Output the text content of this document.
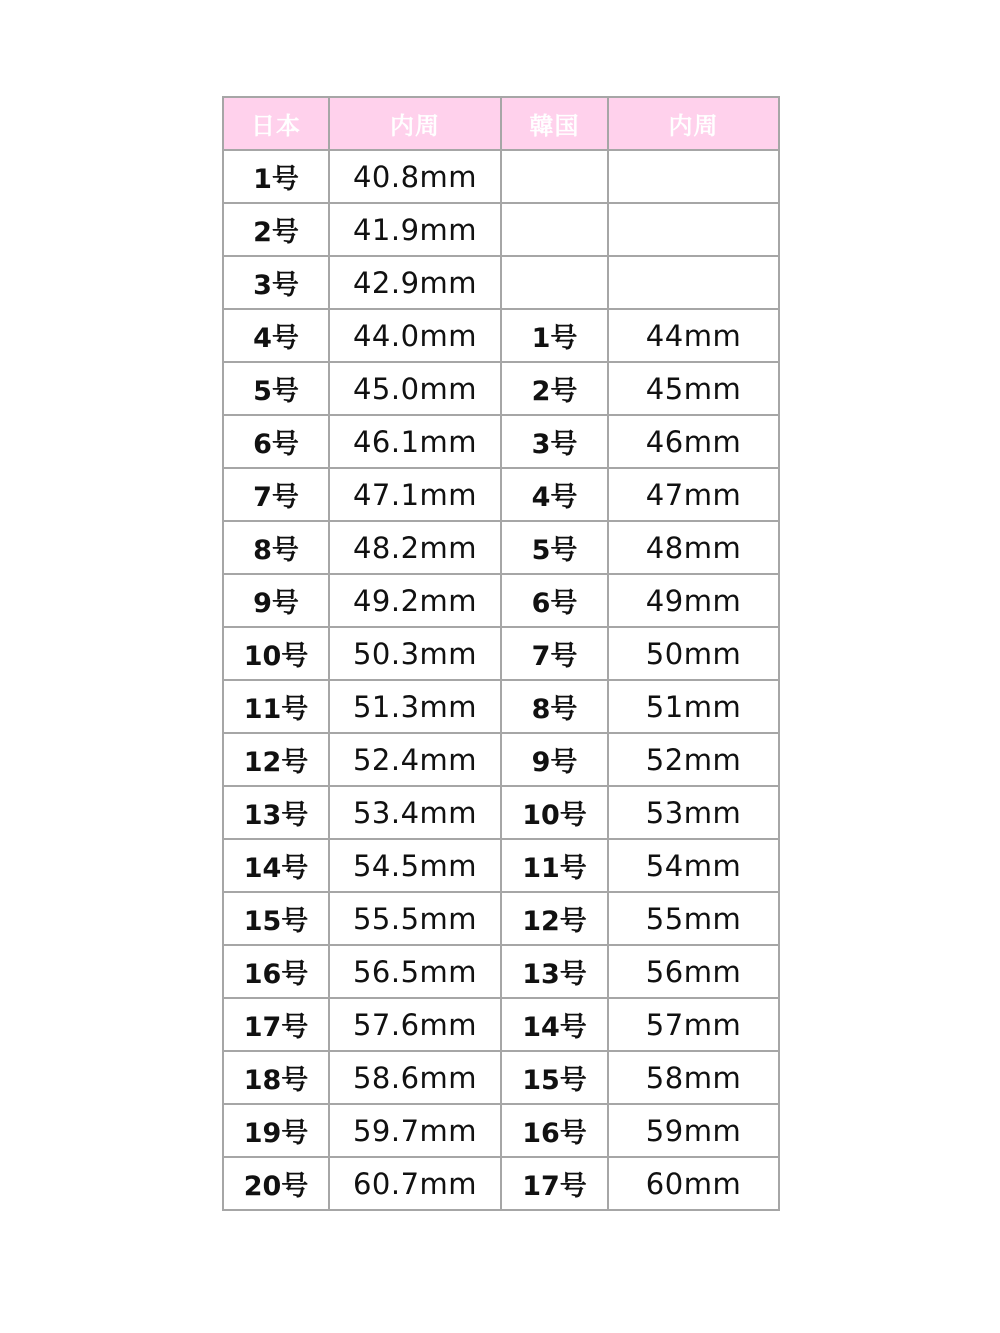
日本	内周	韓国	内周
1号	40.8mm		
2号	41.9mm		
3号	42.9mm		
4号	44.0mm	1号	44mm
5号	45.0mm	2号	45mm
6号	46.1mm	3号	46mm
7号	47.1mm	4号	47mm
8号	48.2mm	5号	48mm
9号	49.2mm	6号	49mm
10号	50.3mm	7号	50mm
11号	51.3mm	8号	51mm
12号	52.4mm	9号	52mm
13号	53.4mm	10号	53mm
14号	54.5mm	11号	54mm
15号	55.5mm	12号	55mm
16号	56.5mm	13号	56mm
17号	57.6mm	14号	57mm
18号	58.6mm	15号	58mm
19号	59.7mm	16号	59mm
20号	60.7mm	17号	60mm
